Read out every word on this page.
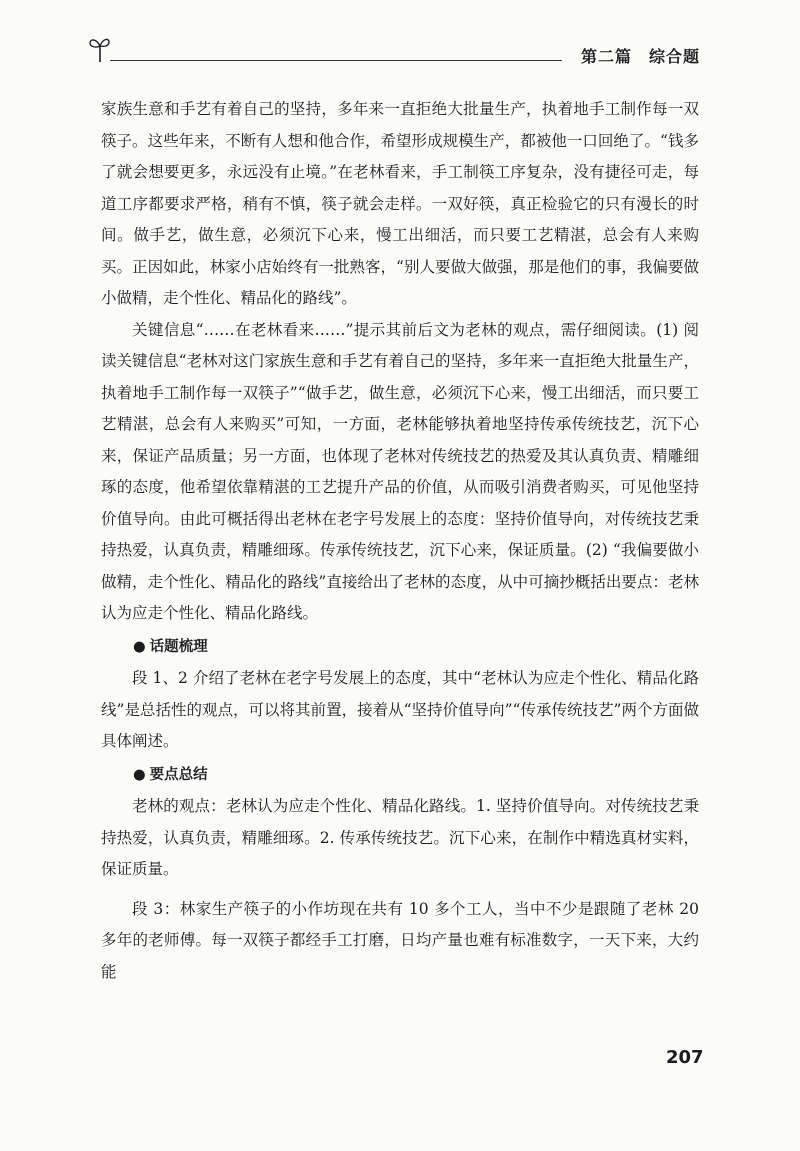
第二篇　综合题

家族生意和手艺有着自己的坚持，多年来一直拒绝大批量生产，执着地手工制作每一双筷子。这些年来，不断有人想和他合作，希望形成规模生产，都被他一口回绝了。“钱多了就会想要更多，永远没有止境。”在老林看来，手工制筷工序复杂，没有捷径可走，每道工序都要求严格，稍有不慎，筷子就会走样。一双好筷，真正检验它的只有漫长的时间。做手艺，做生意，必须沉下心来，慢工出细活，而只要工艺精湛，总会有人来购买。正因如此，林家小店始终有一批熟客，“别人要做大做强，那是他们的事，我偏要做小做精，走个性化、精品化的路线”。

关键信息“……在老林看来……”提示其前后文为老林的观点，需仔细阅读。(1) 阅读关键信息“老林对这门家族生意和手艺有着自己的坚持，多年来一直拒绝大批量生产，执着地手工制作每一双筷子”“做手艺，做生意，必须沉下心来，慢工出细活，而只要工艺精湛，总会有人来购买”可知，一方面，老林能够执着地坚持传承传统技艺，沉下心来，保证产品质量；另一方面，也体现了老林对传统技艺的热爱及其认真负责、精雕细琢的态度，他希望依靠精湛的工艺提升产品的价值，从而吸引消费者购买，可见他坚持价值导向。由此可概括得出老林在老字号发展上的态度：坚持价值导向，对传统技艺秉持热爱，认真负责，精雕细琢。传承传统技艺，沉下心来，保证质量。(2) “我偏要做小做精，走个性化、精品化的路线”直接给出了老林的态度，从中可摘抄概括出要点：老林认为应走个性化、精品化路线。

● 话题梳理

段 1、2 介绍了老林在老字号发展上的态度，其中“老林认为应走个性化、精品化路线”是总括性的观点，可以将其前置，接着从“坚持价值导向”“传承传统技艺”两个方面做具体阐述。

● 要点总结

老林的观点：老林认为应走个性化、精品化路线。1. 坚持价值导向。对传统技艺秉持热爱，认真负责，精雕细琢。2. 传承传统技艺。沉下心来，在制作中精选真材实料，保证质量。

段 3：林家生产筷子的小作坊现在共有 10 多个工人，当中不少是跟随了老林 20 多年的老师傅。每一双筷子都经手工打磨，日均产量也难有标准数字，一天下来，大约能

207
